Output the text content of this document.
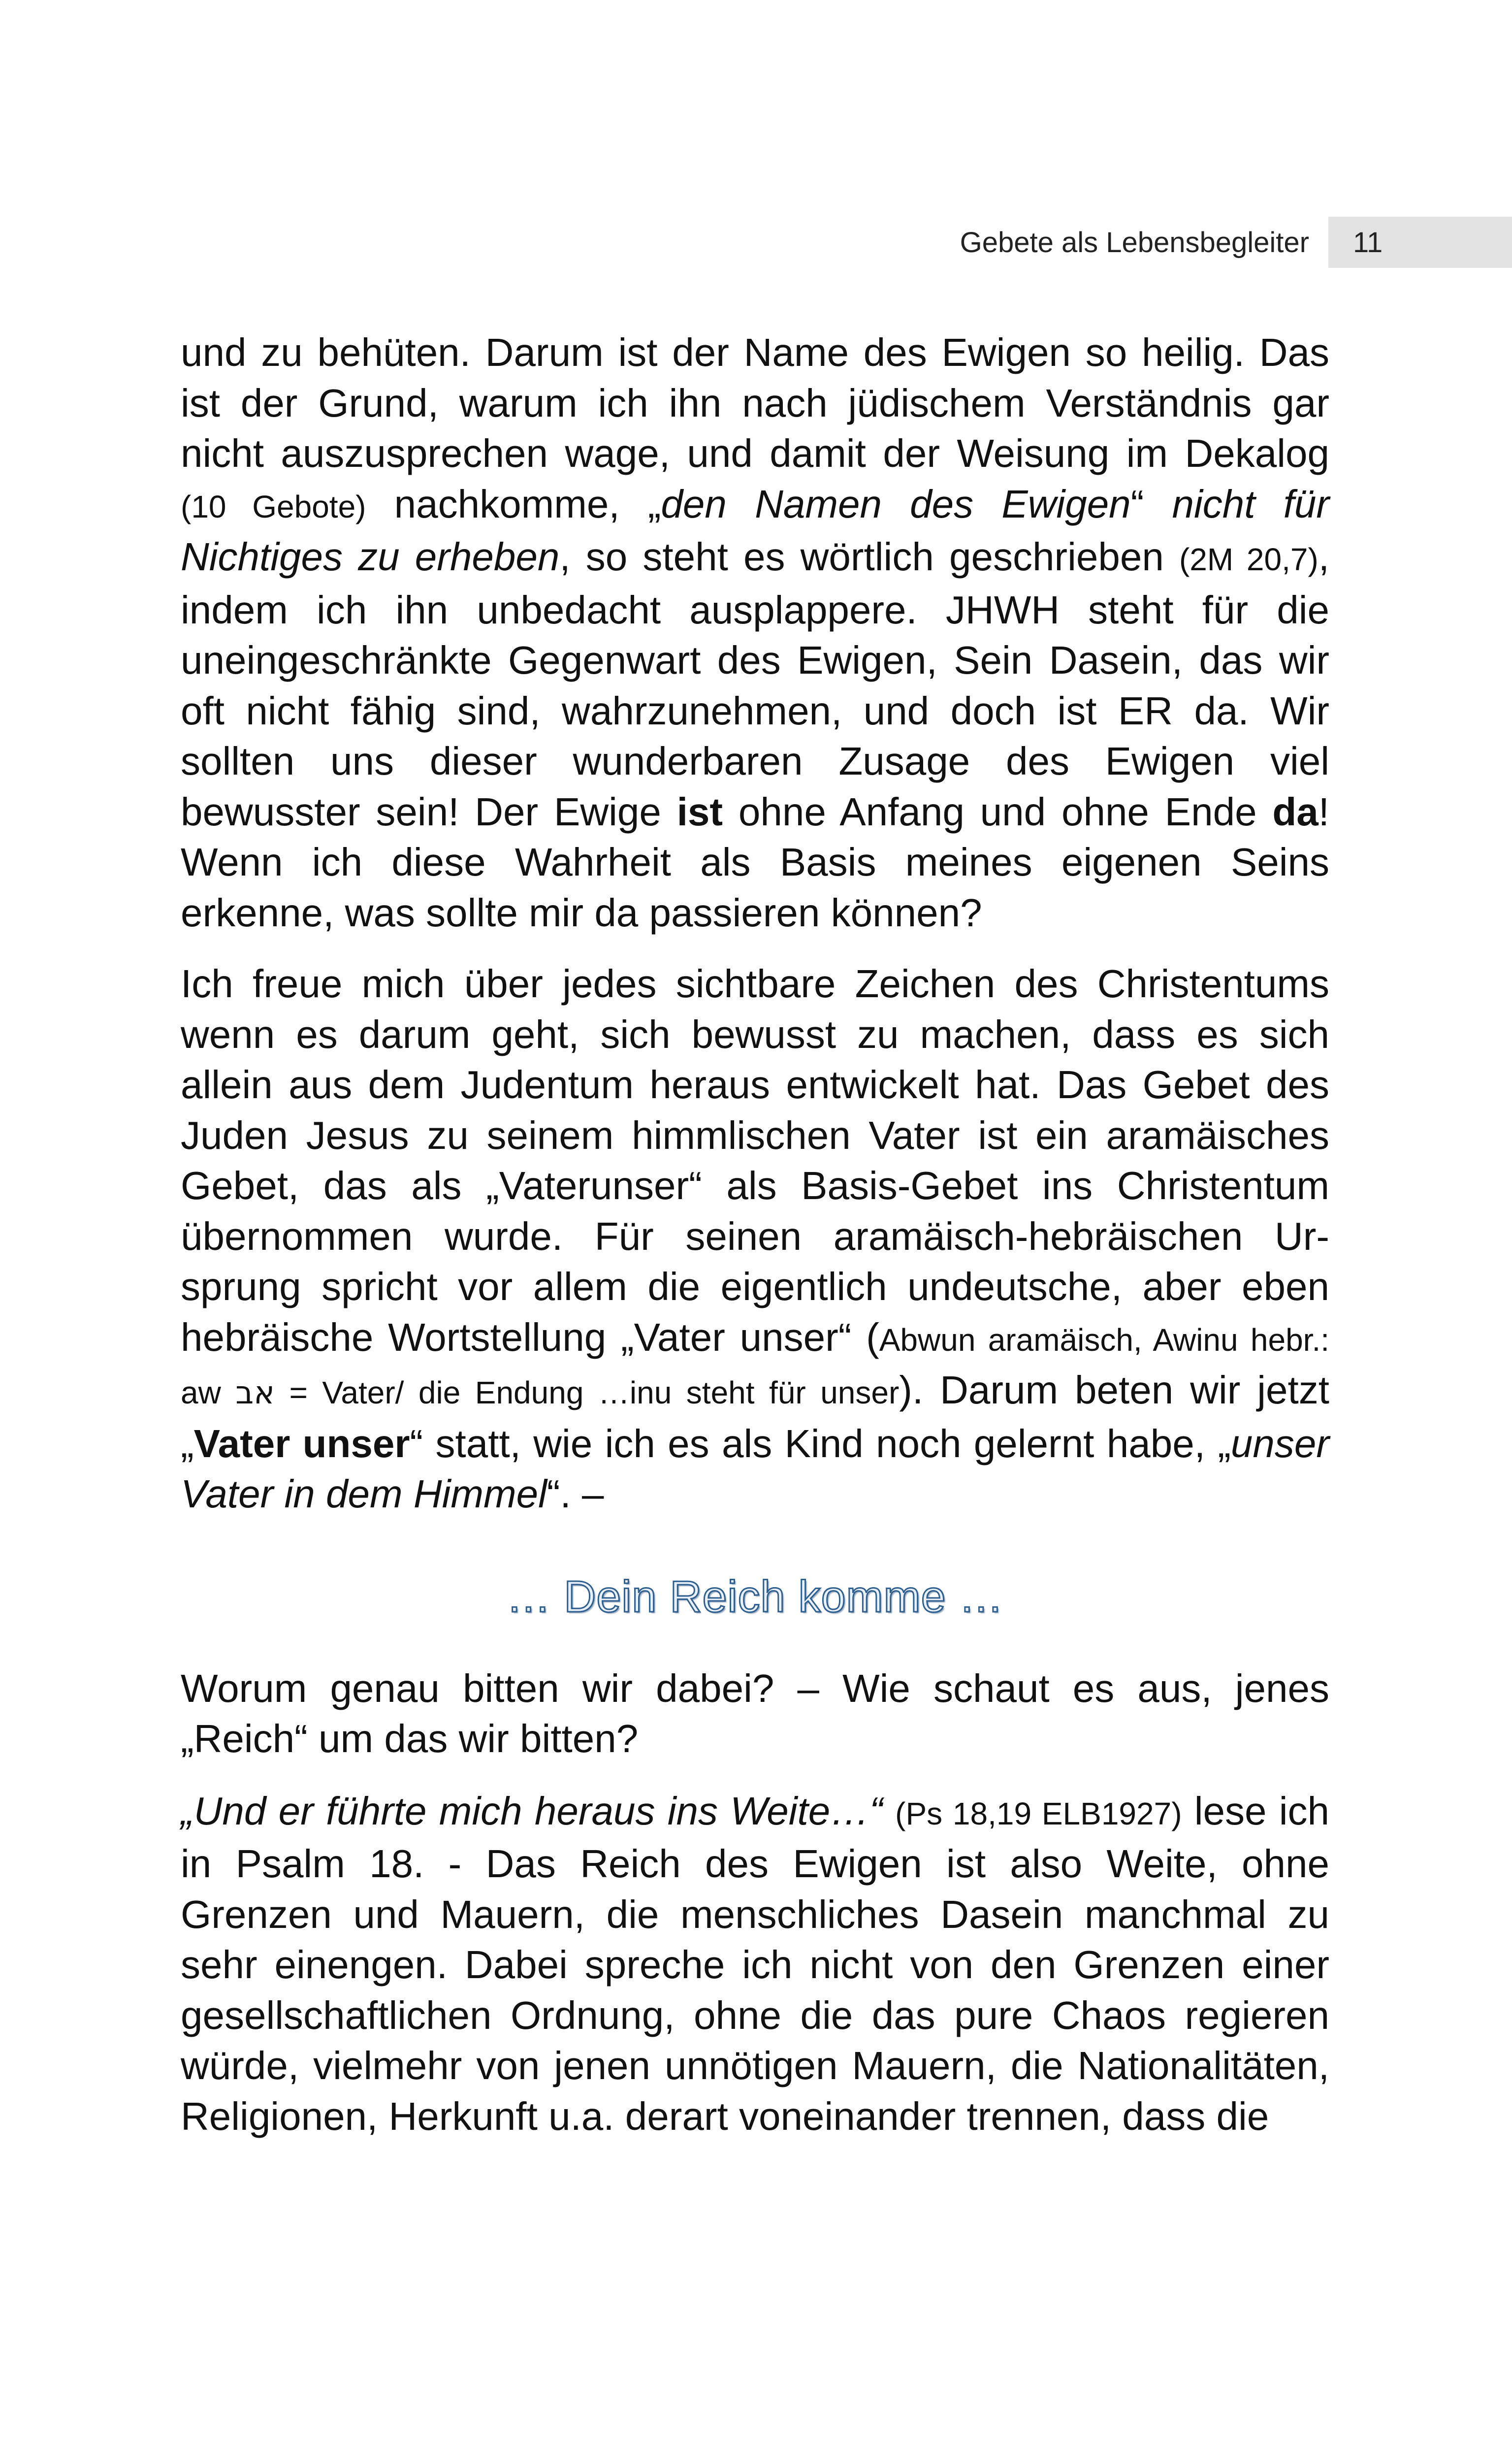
Gebete als Lebensbegleiter 11

und zu behüten. Darum ist der Name des Ewigen so heilig. Das ist der Grund, warum ich ihn nach jüdischem Verständnis gar nicht auszusprechen wage, und damit der Weisung im Dekalog (10 Gebote) nachkomme, „den Namen des Ewigen“ nicht für Nichtiges zu erheben, so steht es wörtlich geschrieben (2M 20,7), indem ich ihn unbedacht ausplappere. JHWH steht für die uneingeschränkte Gegenwart des Ewigen, Sein Dasein, das wir oft nicht fähig sind, wahrzunehmen, und doch ist ER da. Wir sollten uns dieser wunderbaren Zusage des Ewigen viel bewusster sein! Der Ewige ist ohne Anfang und ohne Ende da! Wenn ich diese Wahrheit als Basis meines eigenen Seins erkenne, was sollte mir da passieren können?

Ich freue mich über jedes sichtbare Zeichen des Christentums wenn es darum geht, sich bewusst zu machen, dass es sich allein aus dem Judentum heraus entwickelt hat. Das Gebet des Juden Jesus zu seinem himmlischen Vater ist ein aramäisches Gebet, das als „Vaterunser“ als Basis-Gebet ins Christentum übernommen wurde. Für seinen aramäisch-hebräischen Ursprung spricht vor allem die eigentlich undeutsche, aber eben hebräische Wortstellung „Vater unser“ (Abwun aramäisch, Awinu hebr.: aw אב = Vater/ die Endung …inu steht für unser). Darum beten wir jetzt „Vater unser“ statt, wie ich es als Kind noch gelernt habe, „unser Vater in dem Himmel“. –

… Dein Reich komme …

Worum genau bitten wir dabei? – Wie schaut es aus, jenes „Reich“ um das wir bitten?

„Und er führte mich heraus ins Weite…“ (Ps 18,19 ELB1927) lese ich in Psalm 18. - Das Reich des Ewigen ist also Weite, ohne Grenzen und Mauern, die menschliches Dasein manchmal zu sehr einengen. Dabei spreche ich nicht von den Grenzen einer gesellschaftlichen Ordnung, ohne die das pure Chaos regieren würde, vielmehr von jenen unnötigen Mauern, die Nationalitäten, Religionen, Herkunft u.a. derart voneinander trennen, dass die
